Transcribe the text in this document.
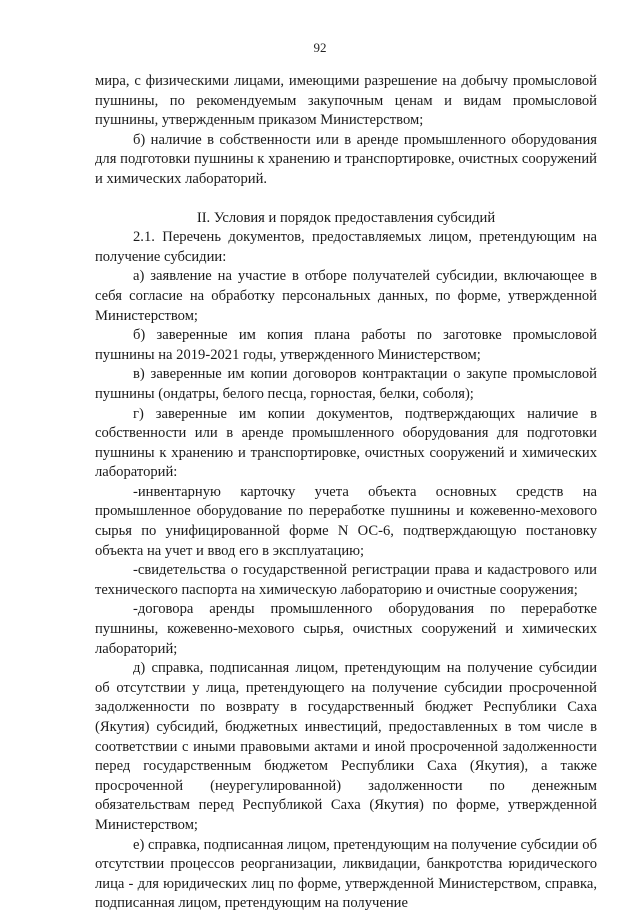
92

мира, с физическими лицами, имеющими разрешение на добычу промысловой пушнины, по рекомендуемым закупочным ценам и видам промысловой пушнины, утвержденным приказом Министерством;

б) наличие в собственности или в аренде промышленного оборудования для подготовки пушнины к хранению и транспортировке, очистных сооружений и химических лабораторий.

II. Условия и порядок предоставления субсидий

2.1. Перечень документов, предоставляемых лицом, претендующим на получение субсидии:

а) заявление на участие в отборе получателей субсидии, включающее в себя согласие на обработку персональных данных, по форме, утвержденной Министерством;

б) заверенные им копия плана работы по заготовке промысловой пушнины на 2019-2021 годы, утвержденного Министерством;

в) заверенные им копии договоров контрактации о закупе промысловой пушнины (ондатры, белого песца, горностая, белки, соболя);

г) заверенные им копии документов, подтверждающих наличие в собственности или в аренде промышленного оборудования для подготовки пушнины к хранению и транспортировке, очистных сооружений и химических лабораторий:

-инвентарную карточку учета объекта основных средств на промышленное оборудование по переработке пушнины и кожевенно-мехового сырья по унифицированной форме N ОС-6, подтверждающую постановку объекта на учет и ввод его в эксплуатацию;

-свидетельства о государственной регистрации права и кадастрового или технического паспорта на химическую лабораторию и очистные сооружения;

-договора аренды промышленного оборудования по переработке пушнины, кожевенно-мехового сырья, очистных сооружений и химических лабораторий;

д) справка, подписанная лицом, претендующим на получение субсидии об отсутствии у лица, претендующего на получение субсидии просроченной задолженности по возврату в государственный бюджет Республики Саха (Якутия) субсидий, бюджетных инвестиций, предоставленных в том числе в соответствии с иными правовыми актами и иной просроченной задолженности перед государственным бюджетом Республики Саха (Якутия), а также просроченной (неурегулированной) задолженности по денежным обязательствам перед Республикой Саха (Якутия) по форме, утвержденной Министерством;

е) справка, подписанная лицом, претендующим на получение субсидии об отсутствии процессов реорганизации, ликвидации, банкротства юридического лица - для юридических лиц по форме, утвержденной Министерством, справка, подписанная лицом, претендующим на получение
